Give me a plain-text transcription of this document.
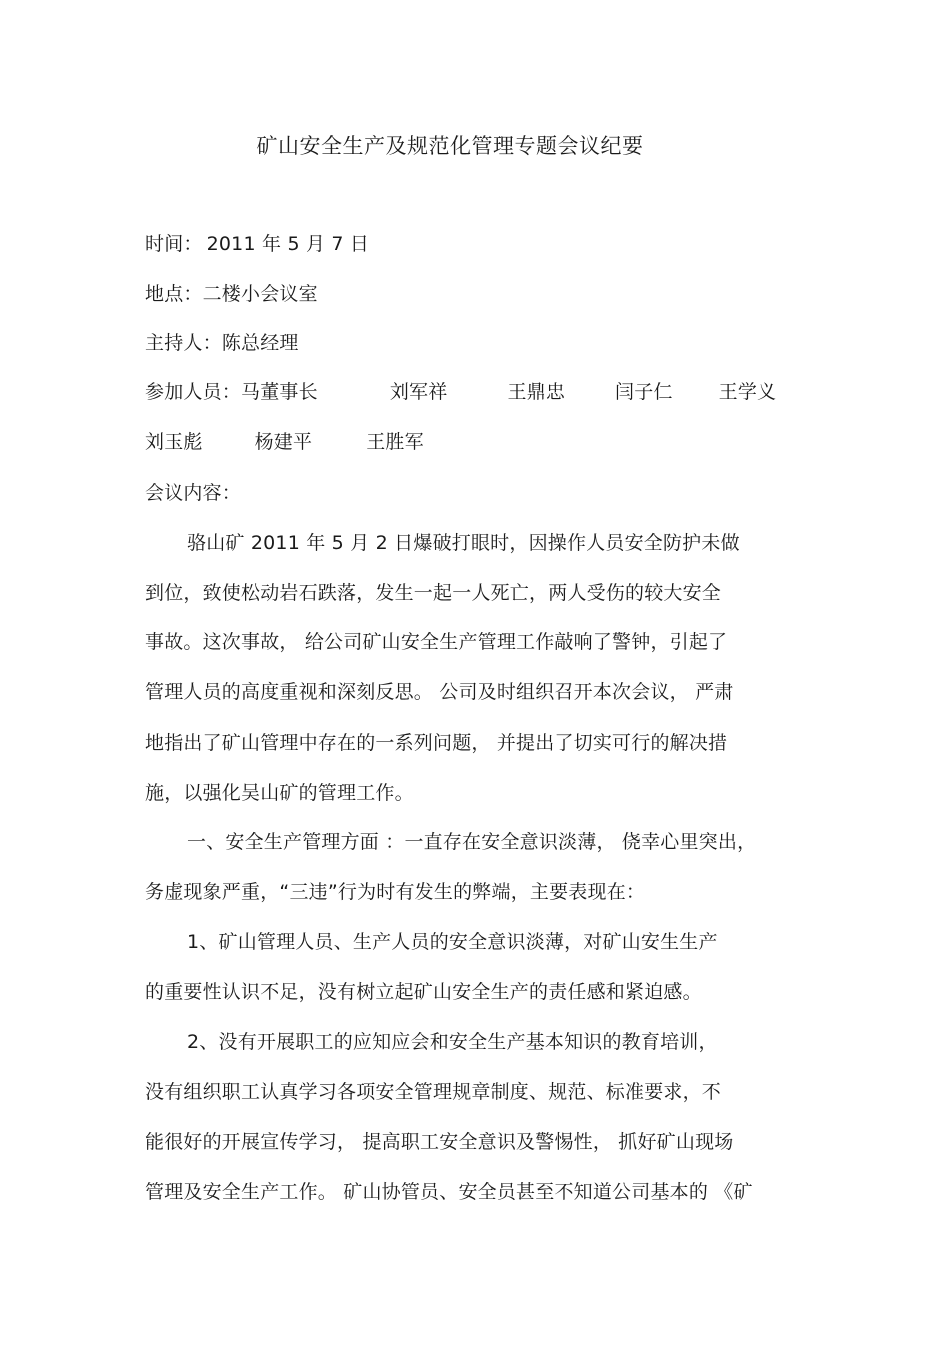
矿山安全生产及规范化管理专题会议纪要
时间： 2011 年 5 月 7 日
地点：二楼小会议室
主持人：陈总经理
参加人员：马董事长	刘军祥	王鼎忠	闫子仁 王学义
刘玉彪	杨建平	王胜军
会议内容：
骆山矿 2011 年 5 月 2 日爆破打眼时，因操作人员安全防护未做
到位，致使松动岩石跌落，发生一起一人死亡，两人受伤的较大安全
事故。这次事故， 给公司矿山安全生产管理工作敲响了警钟，引起了
管理人员的高度重视和深刻反思。 公司及时组织召开本次会议， 严肃
地指出了矿山管理中存在的一系列问题， 并提出了切实可行的解决措
施，以强化吴山矿的管理工作。
一、安全生产管理方面 ：一直存在安全意识淡薄， 侥幸心里突出，
务虚现象严重，“三违”行为时有发生的弊端，主要表现在：
1、矿山管理人员、生产人员的安全意识淡薄，对矿山安生生产
的重要性认识不足，没有树立起矿山安全生产的责任感和紧迫感。
2、没有开展职工的应知应会和安全生产基本知识的教育培训，
没有组织职工认真学习各项安全管理规章制度、规范、标准要求，不
能很好的开展宣传学习， 提高职工安全意识及警惕性， 抓好矿山现场
管理及安全生产工作。 矿山协管员、安全员甚至不知道公司基本的 《矿
